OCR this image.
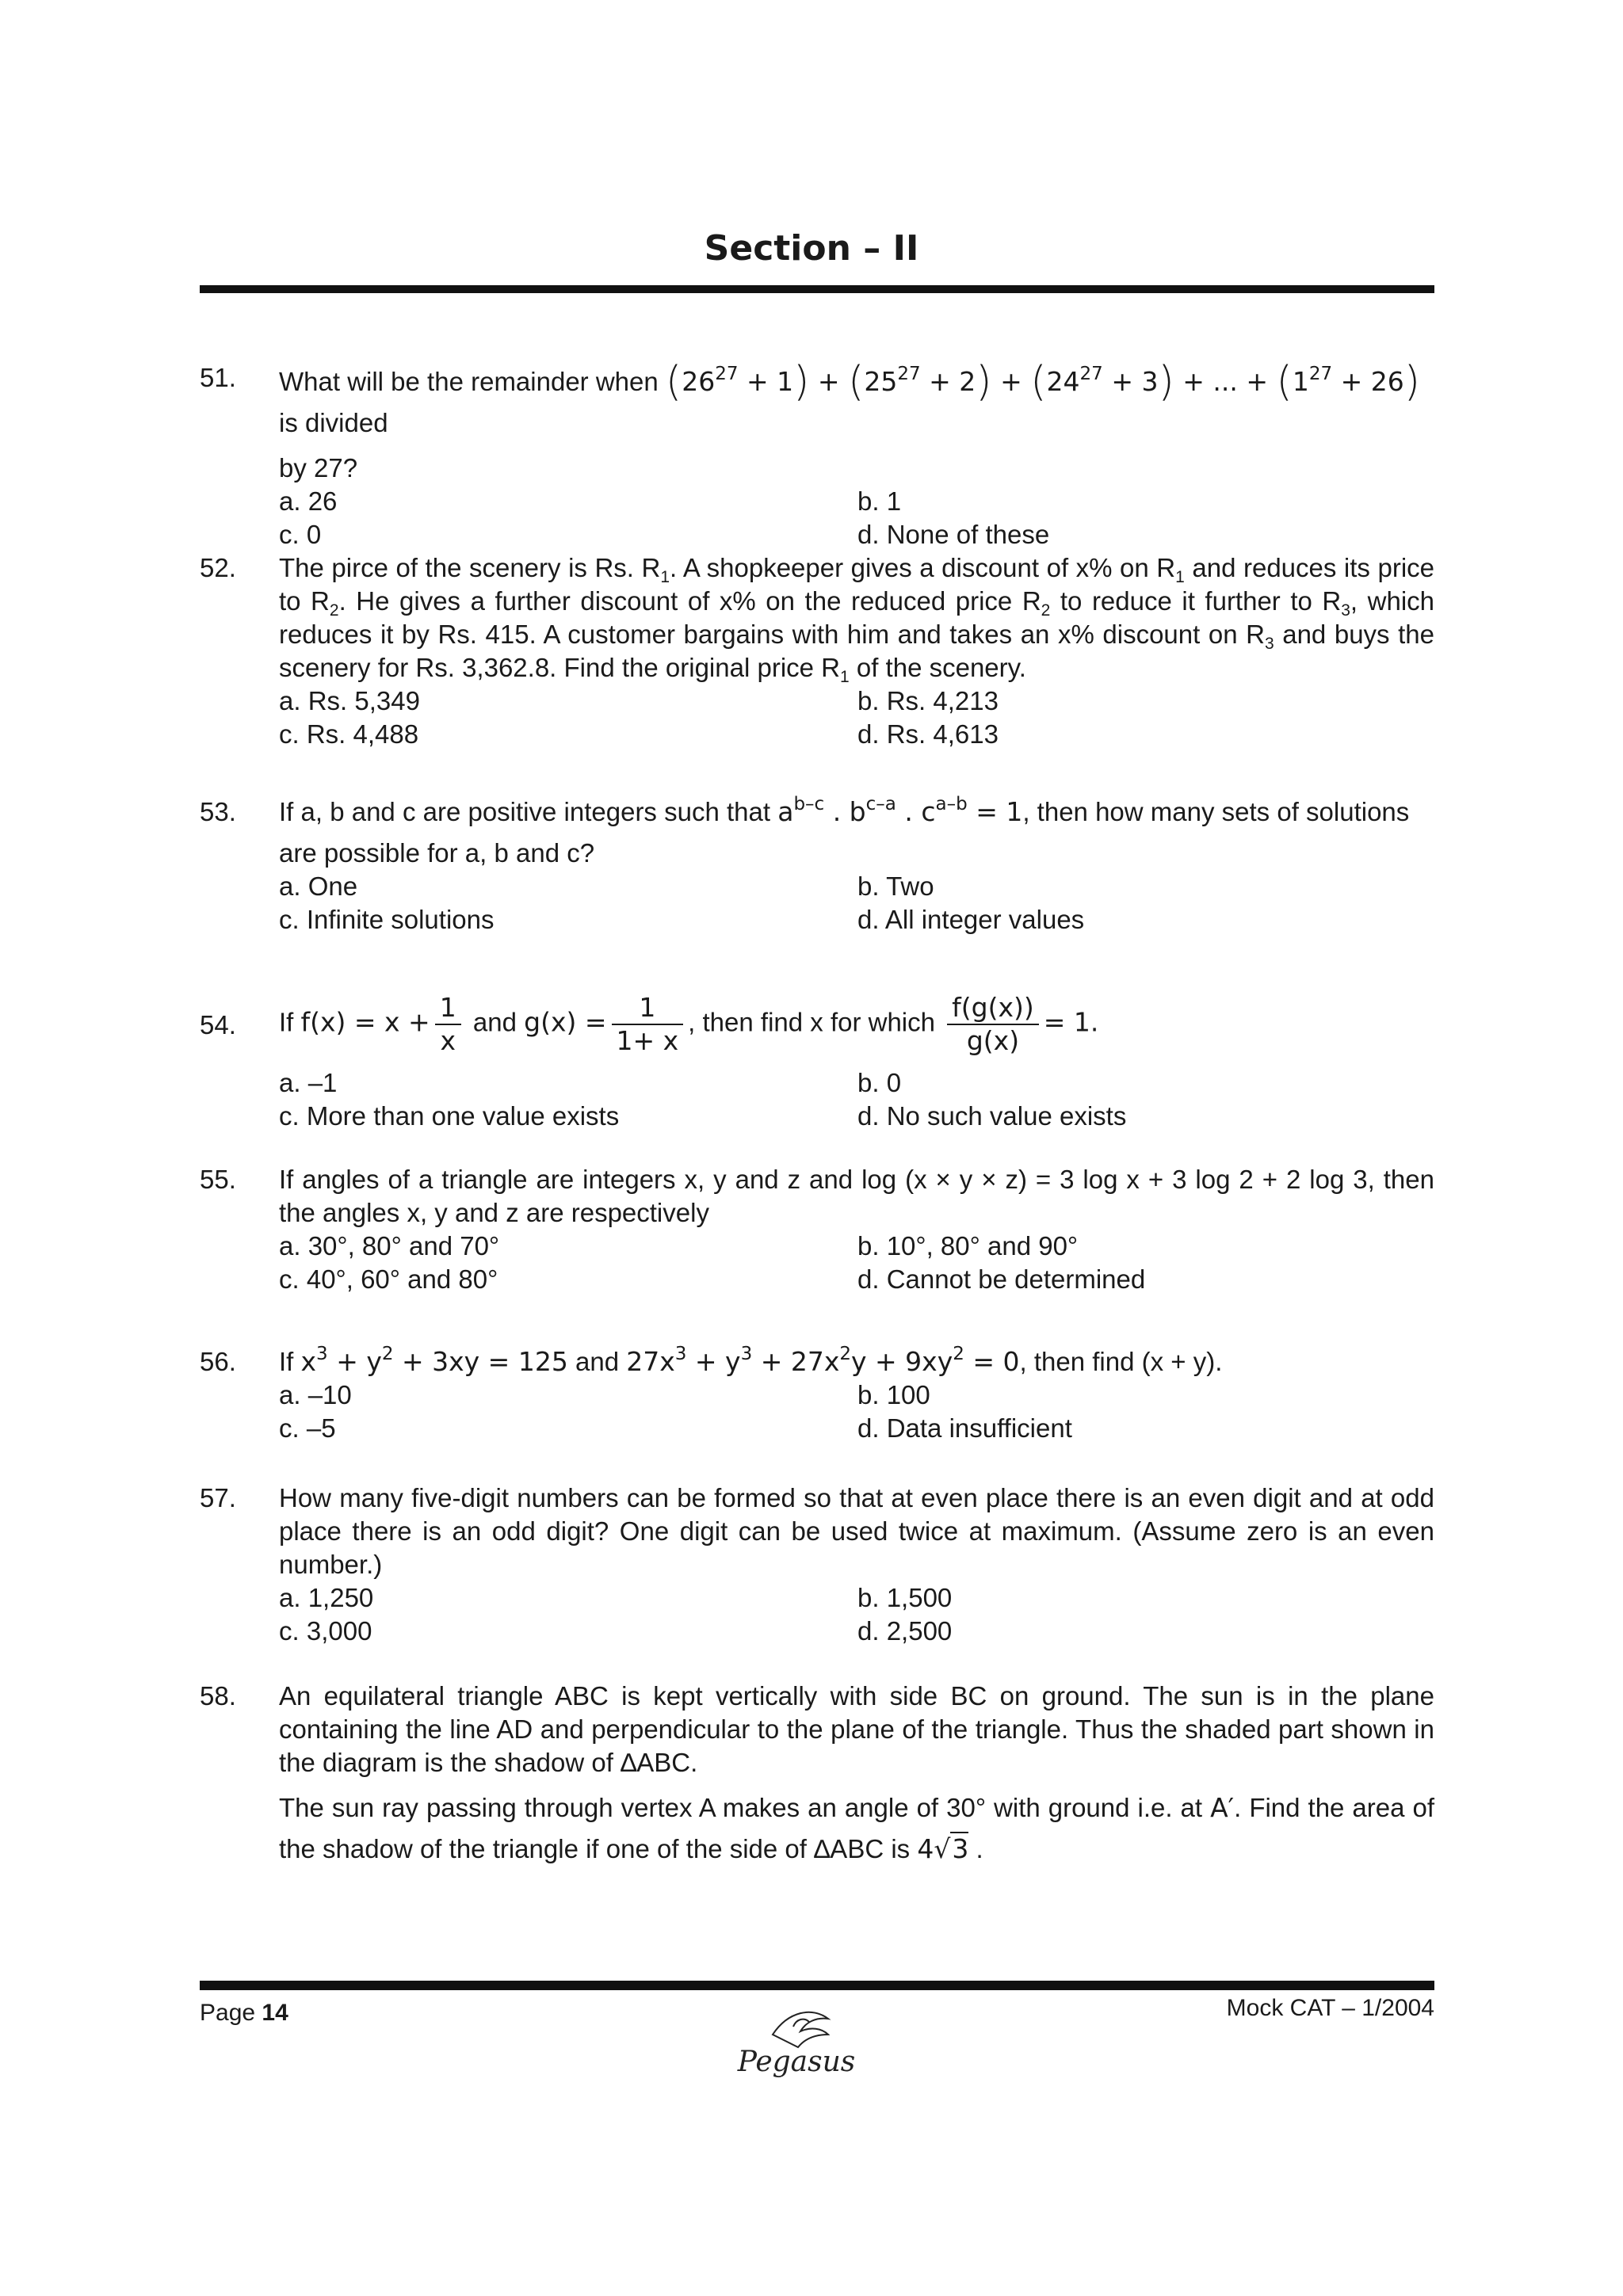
Section – II
51.	What will be the remainder when $(26^{27} + 1) + (25^{27} + 2) + (24^{27} + 3)$ + ... + $(1^{27} + 26)$ is divided
by 27?
a. 26	b. 1
c. 0	d. None of these
52.	The pirce of the scenery is Rs. $R_1$. A shopkeeper gives a discount of x% on $R_1$ and reduces its price to $R_2$. He gives a further discount of x% on the reduced price $R_2$ to reduce it further to $R_3$, which reduces it by Rs. 415. A customer bargains with him and takes an x% discount on $R_3$ and buys the scenery for Rs. 3,362.8. Find the original price $R_1$ of the scenery.
a. Rs. 5,349	b. Rs. 4,213
c. Rs. 4,488	d. Rs. 4,613
53.	If a, b and c are positive integers such that $a^{b-c}$ . $b^{c-a}$ . $c^{a-b} = 1$, then how many sets of solutions
are possible for a, b and c?
a. One	b. Two
c. Infinite solutions	d. All integer values
54.	If $f(x) = x + \frac{1}{x}$ and $g(x) = \frac{1}{1+ x}$ , then find x for which $\frac{f(g(x))}{g(x)} = 1$.
a. –1	b. 0
c. More than one value exists	d. No such value exists
55.	If angles of a triangle are integers x, y and z and log (x × y × z) = 3 log x + 3 log 2 + 2 log 3, then the angles x, y and z are respectively
a. 30°, 80° and 70°	b. 10°, 80° and 90°
c. 40°, 60° and 80°	d. Cannot be determined
56.	If $x^3 + y^2 + 3xy = 125$ and $27x^3 + y^3 + 27x^2y + 9xy^2 = 0$, then find (x + y).
a. –10	b. 100
c. –5	d. Data insufficient
57.	How many five-digit numbers can be formed so that at even place there is an even digit and at odd place there is an odd digit? One digit can be used twice at maximum. (Assume zero is an even number.)
a. 1,250	b. 1,500
c. 3,000	d. 2,500
58.	An equilateral triangle ABC is kept vertically with side BC on ground. The sun is in the plane containing the line AD and perpendicular to the plane of the triangle. Thus the shaded part shown in the diagram is the shadow of ∆ABC.
The sun ray passing through vertex A makes an angle of 30° with ground i.e. at A′. Find the area of the shadow of the triangle if one of the side of ∆ABC is 4√3 .
Page 14
Pegasus
Mock CAT – 1/2004
